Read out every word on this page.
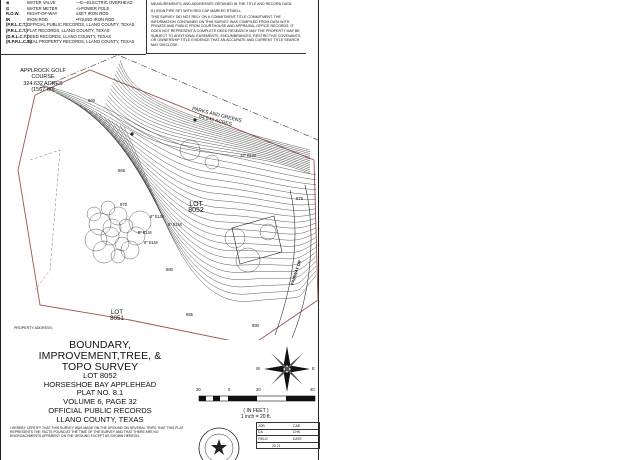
⊗	WATER VALVE
⊡	WATER METER
R.O.W.	RIGHT-OF-WAY
IR	IRON ROD
(P.R.L.C.T.) OFFICIAL PUBLIC RECORDS, LLANO COUNTY, TEXAS
(P.R.L.C.T.) PLAT RECORDS, LLANO COUNTY, TEXAS
(D.R.L.C.T.)
DEED RECORDS, LLANO COUNTY, TEXAS
(R.P.R.L.C.T.)
REAL PROPERTY RECORDS, LLANO COUNTY, TEXAS
—E—ELECTRIC OVERHEAD
-o-POWER POLE
oSET IRON ROD
•FOUND IRON ROD

MEASUREMENTS, AND ADDRESSES OBTAINED IN THE TITLE AND RECORD DATA.

8.) IRON PIPE SET WITH RED CAP MARKED RTMELL.

THIS SURVEY DID NOT RELY ON A COMMITMENT TITLE COMMITMENT. THE INFORMATION CONTAINED ON THIS SURVEY WAS COMPILED FROM DATA WITH PRIVATE AND PUBLIC FROM COURTHOUSE AND APPRAISAL OFFICE RECORDS. IT DOES NOT REPRESENT A COMPLETE DEED RESEARCH MAY THE PROPERTY MAY BE SUBJECT TO ADDITIONAL EASEMENTS, ENCUMBRANCES, RESTRICTIVE COVENANTS, OR OWNERSHIP TITLE EVIDENCE THAT AN ACCURATE AND CURRENT TITLE SEARCH MAY DISCLOSE.

APPLROCK GOLF COURSE
324.632 ACRES
(1567-60)
PARKS AND GREENS
64.545 ACRES
LOT
8052
LOT
8051
FAIRWAY DR
860
865
870
875
880
885
890
12" ELM
8" ELM
8" ELM
8" ELM
8" ELM
PROPERTY ADDRESS:
BOUNDARY,
IMPROVEMENT,TREE, &
TOPO SURVEY
LOT 8052
HORSESHOE BAY APPLEHEAD
PLAT NO. 8.1
VOLUME 6, PAGE 32
OFFICIAL PUBLIC RECORDS
LLANO COUNTY, TEXAS
E
W
20	0	20	40
( IN FEET )
1 inch = 20 ft.
I HEREBY CERTIFY THAT THIS SURVEY WAS MADE ON THE GROUND ON SEVERAL TRIPS THAT THIS PLAT REPRESENTS THE FACTS FOUND AT THE TIME OF THE SURVEY AND THAT THERE ARE NO ENCROACHMENTS APPARENT ON THE GROUND EXCEPT AS SHOWN HEREON.
JOB	CAD
DA	CHK
FIELD	DATE
20 21
